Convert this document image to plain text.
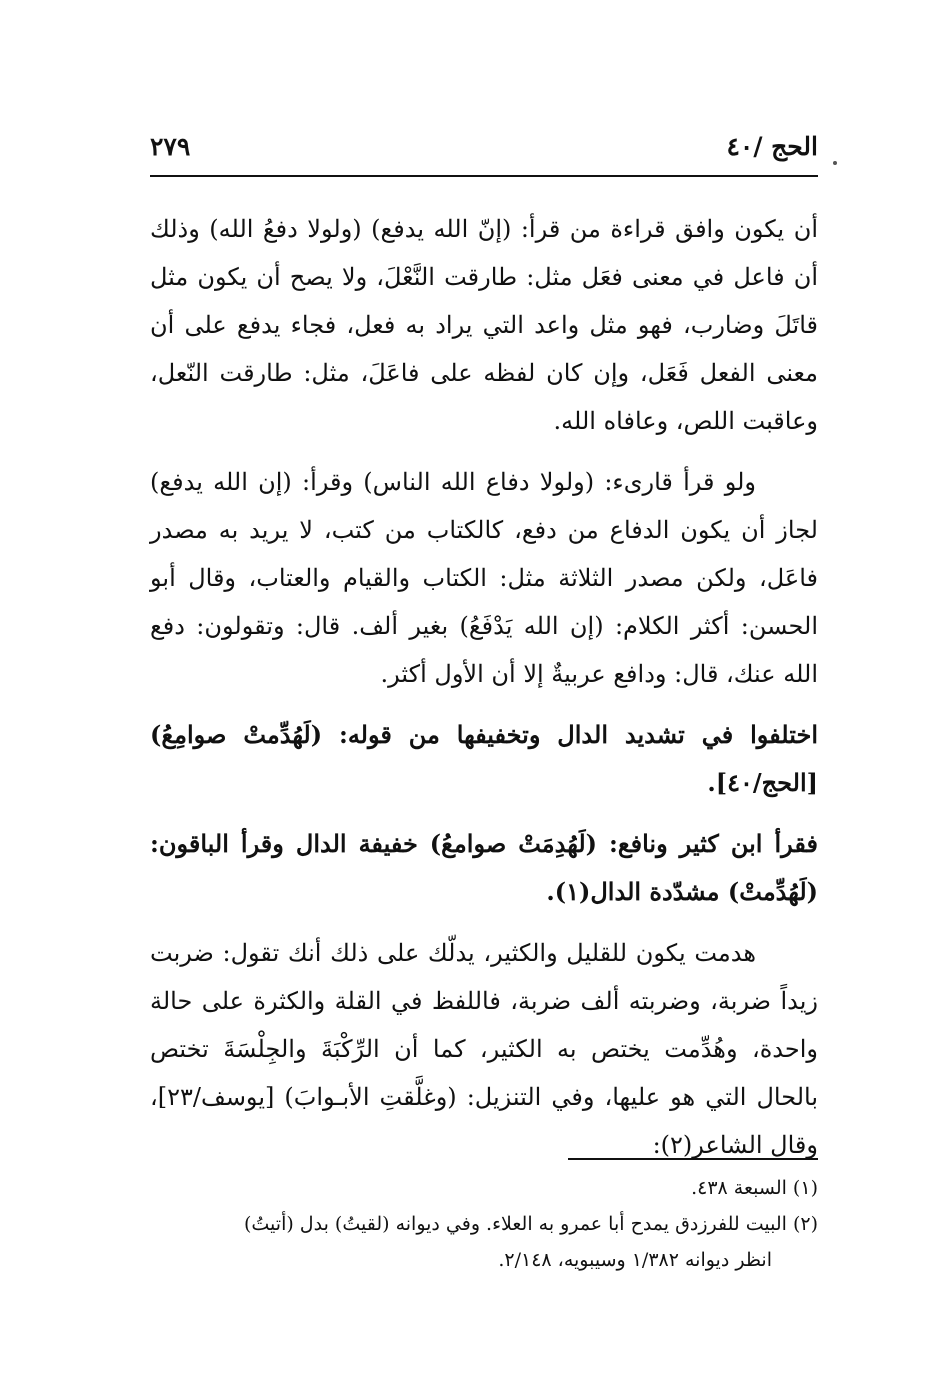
الحج /٤٠
٢٧٩

أن يكون وافق قراءة من قرأ: (إنّ الله يدفع) (ولولا دفعُ الله) وذلك أن فاعل في معنى فعَل مثل: طارقت النَّعْلَ، ولا يصح أن يكون مثل قاتَلَ وضارب، فهو مثل واعد التي يراد به فعل، فجاء يدفع على أن معنى الفعل فَعَل، وإن كان لفظه على فاعَلَ، مثل: طارقت النّعل، وعاقبت اللص، وعافاه الله.

ولو قرأ قارىء: (ولولا دفاع الله الناس) وقرأ: (إن الله يدفع) لجاز أن يكون الدفاع من دفع، كالكتاب من كتب، لا يريد به مصدر فاعَل، ولكن مصدر الثلاثة مثل: الكتاب والقيام والعتاب، وقال أبو الحسن: أكثر الكلام: (إن الله يَدْفَعُ) بغير ألف. قال: وتقولون: دفع الله عنك، قال: ودافع عربيةٌ إلا أن الأول أكثر.

اختلفوا في تشديد الدال وتخفيفها من قوله: (لَهُدِّمتْ صوامِعُ) [الحج/٤٠].

فقرأ ابن كثير ونافع: (لَهُدِمَتْ صوامعُ) خفيفة الدال وقرأ الباقون: (لَهُدِّمتْ) مشدّدة الدال(١).

هدمت يكون للقليل والكثير، يدلّك على ذلك أنك تقول: ضربت زيداً ضربة، وضربته ألف ضربة، فاللفظ في القلة والكثرة على حالة واحدة، وهُدِّمت يختص به الكثير، كما أن الرِّكْبَةَ والجِلْسَةَ تختص بالحال التي هو عليها، وفي التنزيل: (وغلَّقتِ الأبـوابَ) [يوسف/٢٣]، وقال الشاعر(٢):

(١) السبعة ٤٣٨.

(٢) البيت للفرزدق يمدح أبا عمرو به العلاء. وفي ديوانه (لقيتُ) بدل (أتيتُ)

انظر ديوانه ١/٣٨٢ وسيبويه، ٢/١٤٨.
